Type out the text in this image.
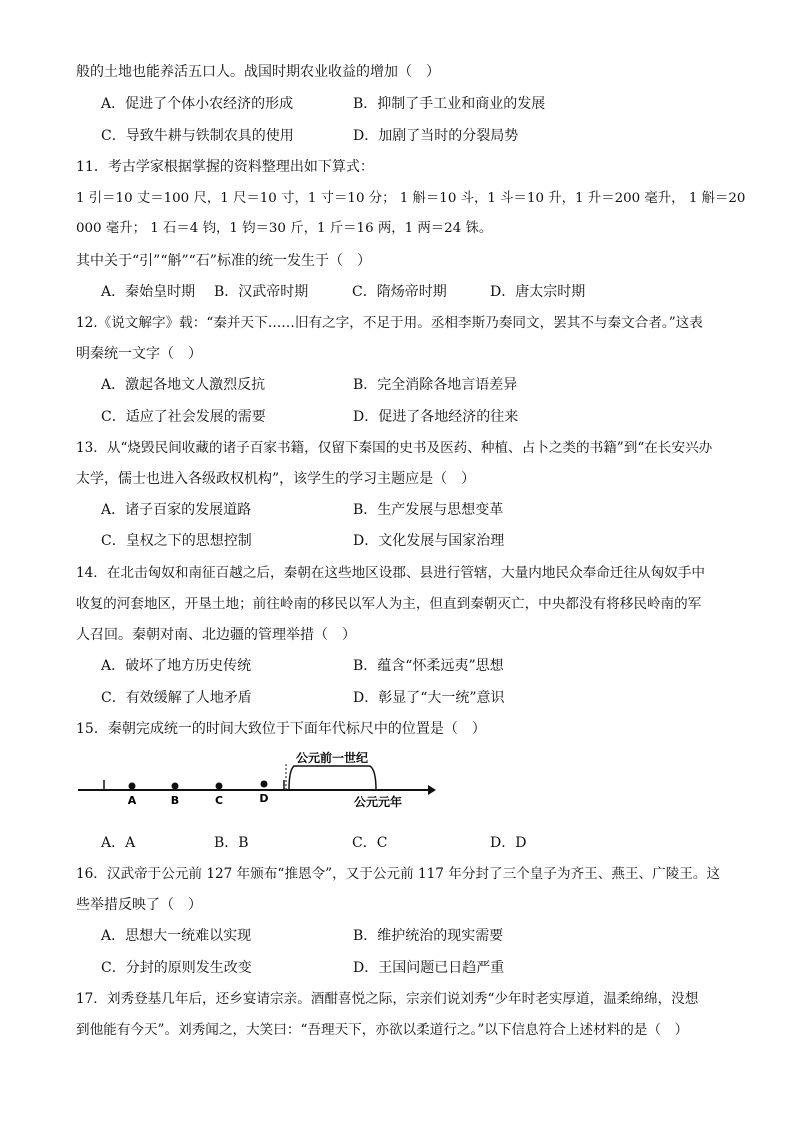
般的土地也能养活五口人。战国时期农业收益的增加（　）
A．促进了个体小农经济的形成	B．抑制了手工业和商业的发展
C．导致牛耕与铁制农具的使用	D．加剧了当时的分裂局势
11．考古学家根据掌握的资料整理出如下算式：
1 引＝10 丈＝100 尺，1 尺＝10 寸，1 寸＝10 分； 1 斛＝10 斗，1 斗＝10 升，1 升＝200 毫升， 1 斛＝20
000 毫升； 1 石＝4 钧，1 钧＝30 斤，1 斤＝16 两，1 两＝24 铢。
其中关于“引”“斛”“石”标准的统一发生于（　）
A．秦始皇时期 B．汉武帝时期	C．隋炀帝时期	D．唐太宗时期
12.《说文解字》载：“秦并天下……旧有之字，不足于用。丞相李斯乃奏同文，罢其不与秦文合者。”这表
明秦统一文字（　）
A．激起各地文人激烈反抗	B．完全消除各地言语差异
C．适应了社会发展的需要	D．促进了各地经济的往来
13．从“烧毁民间收藏的诸子百家书籍，仅留下秦国的史书及医药、种植、占卜之类的书籍”到“在长安兴办
太学，儒士也进入各级政权机构”，该学生的学习主题应是（　）
A．诸子百家的发展道路	B．生产发展与思想变革
C．皇权之下的思想控制	D．文化发展与国家治理
14．在北击匈奴和南征百越之后，秦朝在这些地区设郡、县进行管辖，大量内地民众奉命迁往从匈奴手中
收复的河套地区，开垦土地；前往岭南的移民以军人为主，但直到秦朝灭亡，中央都没有将移民岭南的军
人召回。秦朝对南、北边疆的管理举措（　）
A．破坏了地方历史传统	B．蕴含“怀柔远夷”思想
C．有效缓解了人地矛盾	D．彰显了“大一统”意识
15．秦朝完成统一的时间大致位于下面年代标尺中的位置是（　）
A	B	C	D
公元前一世纪
公元元年
A．A	B．B	C．C	D．D
16．汉武帝于公元前 127 年颁布“推恩令”，又于公元前 117 年分封了三个皇子为齐王、燕王、广陵王。这
些举措反映了（　）
A．思想大一统难以实现	B．维护统治的现实需要
C．分封的原则发生改变	D．王国问题已日趋严重
17．刘秀登基几年后，还乡宴请宗亲。酒酣喜悦之际，宗亲们说刘秀“少年时老实厚道，温柔绵绵，没想
到他能有今天”。刘秀闻之，大笑曰：“吾理天下，亦欲以柔道行之。”以下信息符合上述材料的是（　）
